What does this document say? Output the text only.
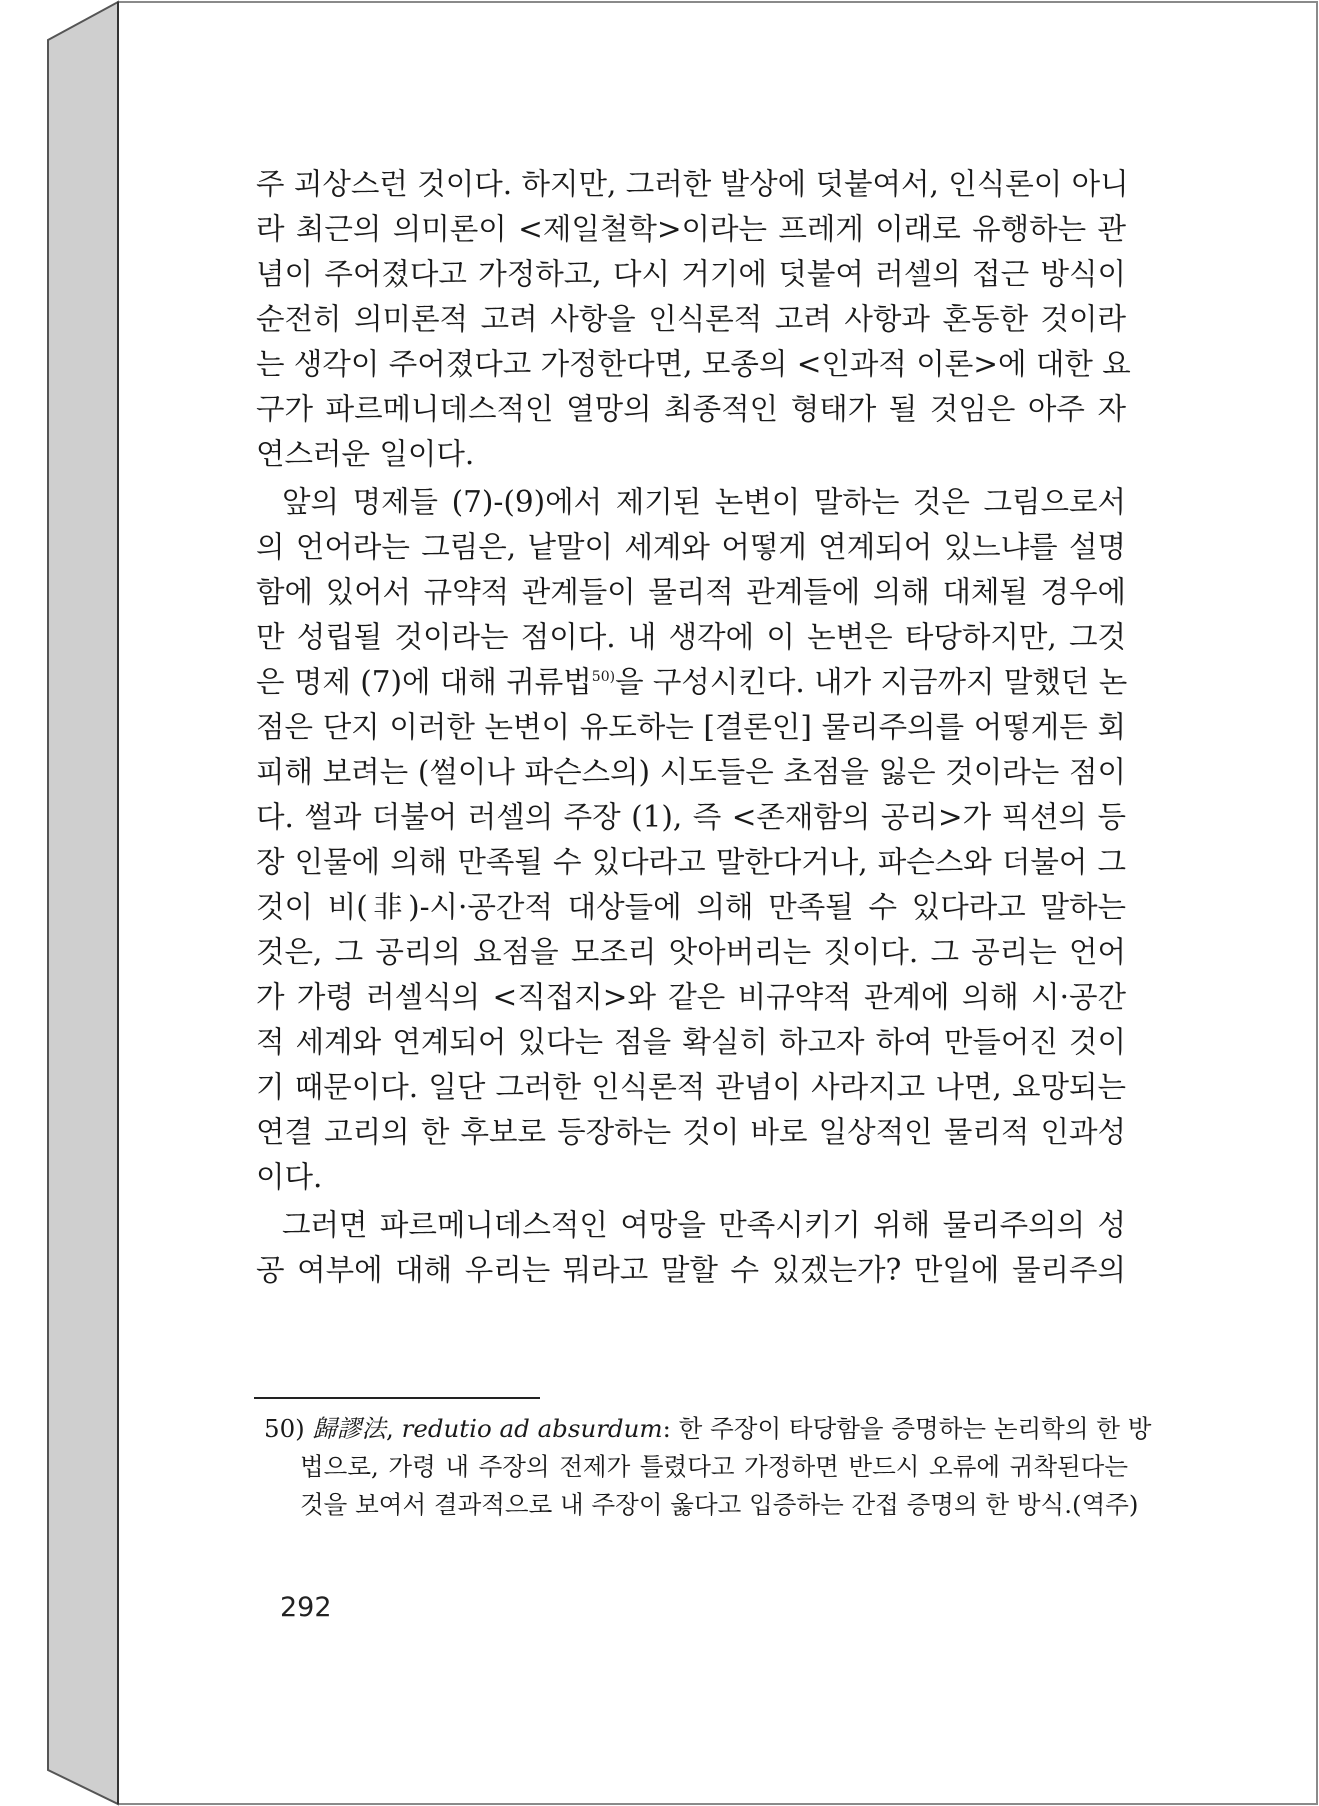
주 괴상스런 것이다. 하지만, 그러한 발상에 덧붙여서, 인식론이 아니
라 최근의 의미론이 <제일철학>이라는 프레게 이래로 유행하는 관
념이 주어졌다고 가정하고, 다시 거기에 덧붙여 러셀의 접근 방식이
순전히 의미론적 고려 사항을 인식론적 고려 사항과 혼동한 것이라
는 생각이 주어졌다고 가정한다면, 모종의 <인과적 이론>에 대한 요
구가 파르메니데스적인 열망의 최종적인 형태가 될 것임은 아주 자
연스러운 일이다.
앞의 명제들 (7)-(9)에서 제기된 논변이 말하는 것은 그림으로서
의 언어라는 그림은, 낱말이 세계와 어떻게 연계되어 있느냐를 설명
함에 있어서 규약적 관계들이 물리적 관계들에 의해 대체될 경우에
만 성립될 것이라는 점이다. 내 생각에 이 논변은 타당하지만, 그것
은 명제 (7)에 대해 귀류법$^{50)}$을 구성시킨다. 내가 지금까지 말했던 논
점은 단지 이러한 논변이 유도하는 [결론인] 물리주의를 어떻게든 회
피해 보려는 (썰이나 파슨스의) 시도들은 초점을 잃은 것이라는 점이
다. 썰과 더불어 러셀의 주장 (1), 즉 <존재함의 공리>가 픽션의 등
장 인물에 의해 만족될 수 있다라고 말한다거나, 파슨스와 더불어 그
것이 비(非)-시·공간적 대상들에 의해 만족될 수 있다라고 말하는
것은, 그 공리의 요점을 모조리 앗아버리는 짓이다. 그 공리는 언어
가 가령 러셀식의 <직접지>와 같은 비규약적 관계에 의해 시·공간
적 세계와 연계되어 있다는 점을 확실히 하고자 하여 만들어진 것이
기 때문이다. 일단 그러한 인식론적 관념이 사라지고 나면, 요망되는
연결 고리의 한 후보로 등장하는 것이 바로 일상적인 물리적 인과성
이다.
그러면 파르메니데스적인 여망을 만족시키기 위해 물리주의의 성
공 여부에 대해 우리는 뭐라고 말할 수 있겠는가? 만일에 물리주의
50) 歸謬法, redutio ad absurdum: 한 주장이 타당함을 증명하는 논리학의 한 방
법으로, 가령 내 주장의 전제가 틀렸다고 가정하면 반드시 오류에 귀착된다는
것을 보여서 결과적으로 내 주장이 옳다고 입증하는 간접 증명의 한 방식.(역주)
292
